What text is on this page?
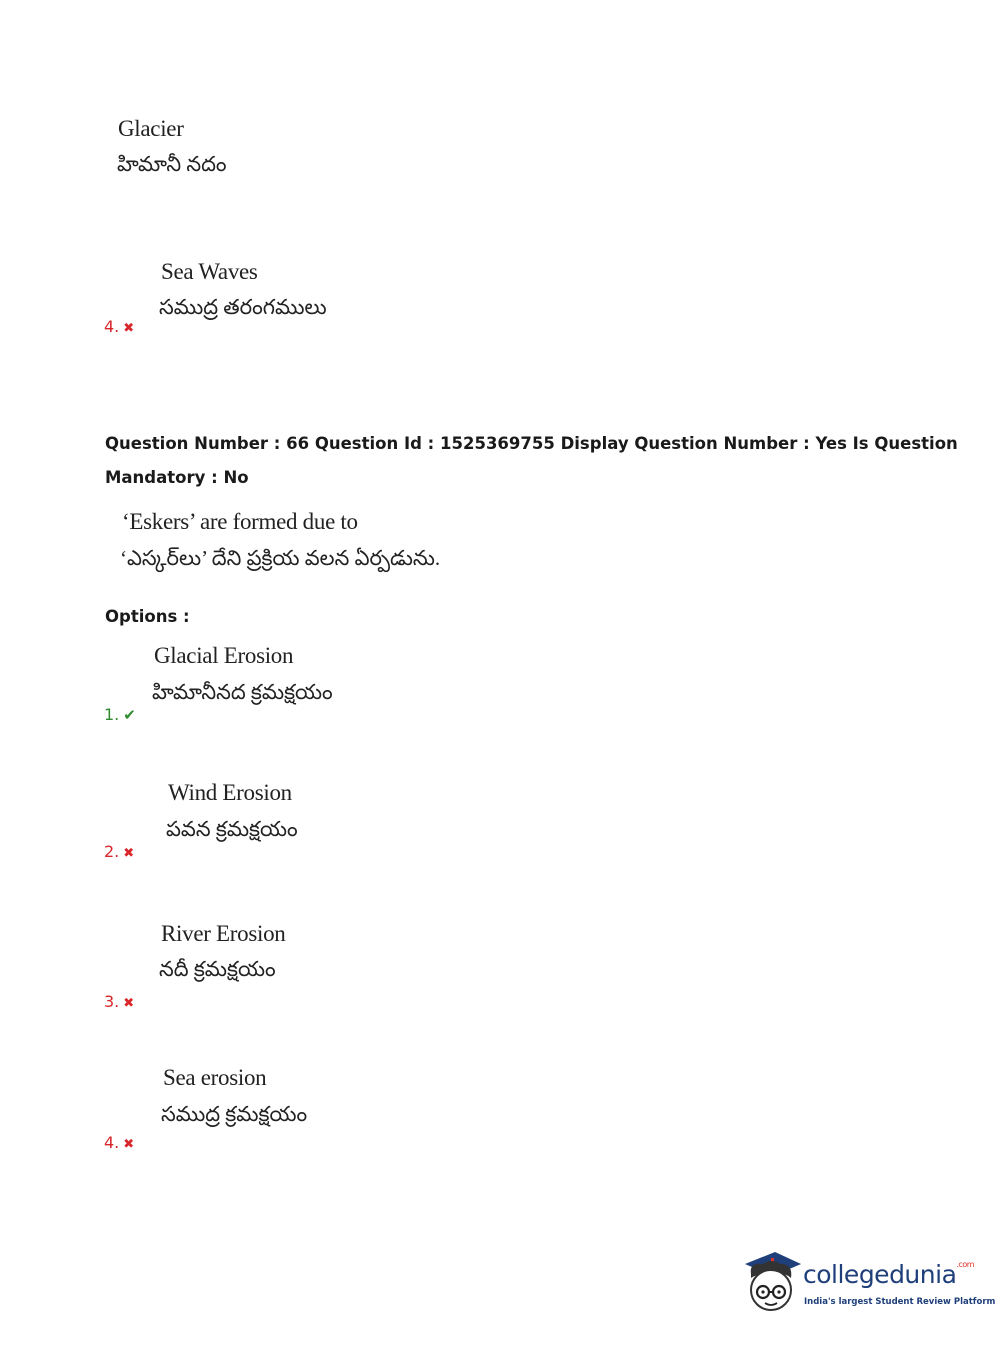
Glacier
హిమానీ నదం
Sea Waves
సముద్ర తరంగములు
4. ✖
Question Number : 66 Question Id : 1525369755 Display Question Number : Yes Is Question
Mandatory : No
‘Eskers’ are formed due to
‘ఎస్కర్‌లు’ దేని ప్రక్రియ వలన ఏర్పడును.
Options :
Glacial Erosion
హిమానీనద క్రమక్షయం
1. ✔
Wind Erosion
పవన క్రమక్షయం
2. ✖
River Erosion
నదీ క్రమక్షయం
3. ✖
Sea erosion
సముద్ర క్రమక్షయం
4. ✖
collegedunia$^{.com}$
India's largest Student Review Platform
